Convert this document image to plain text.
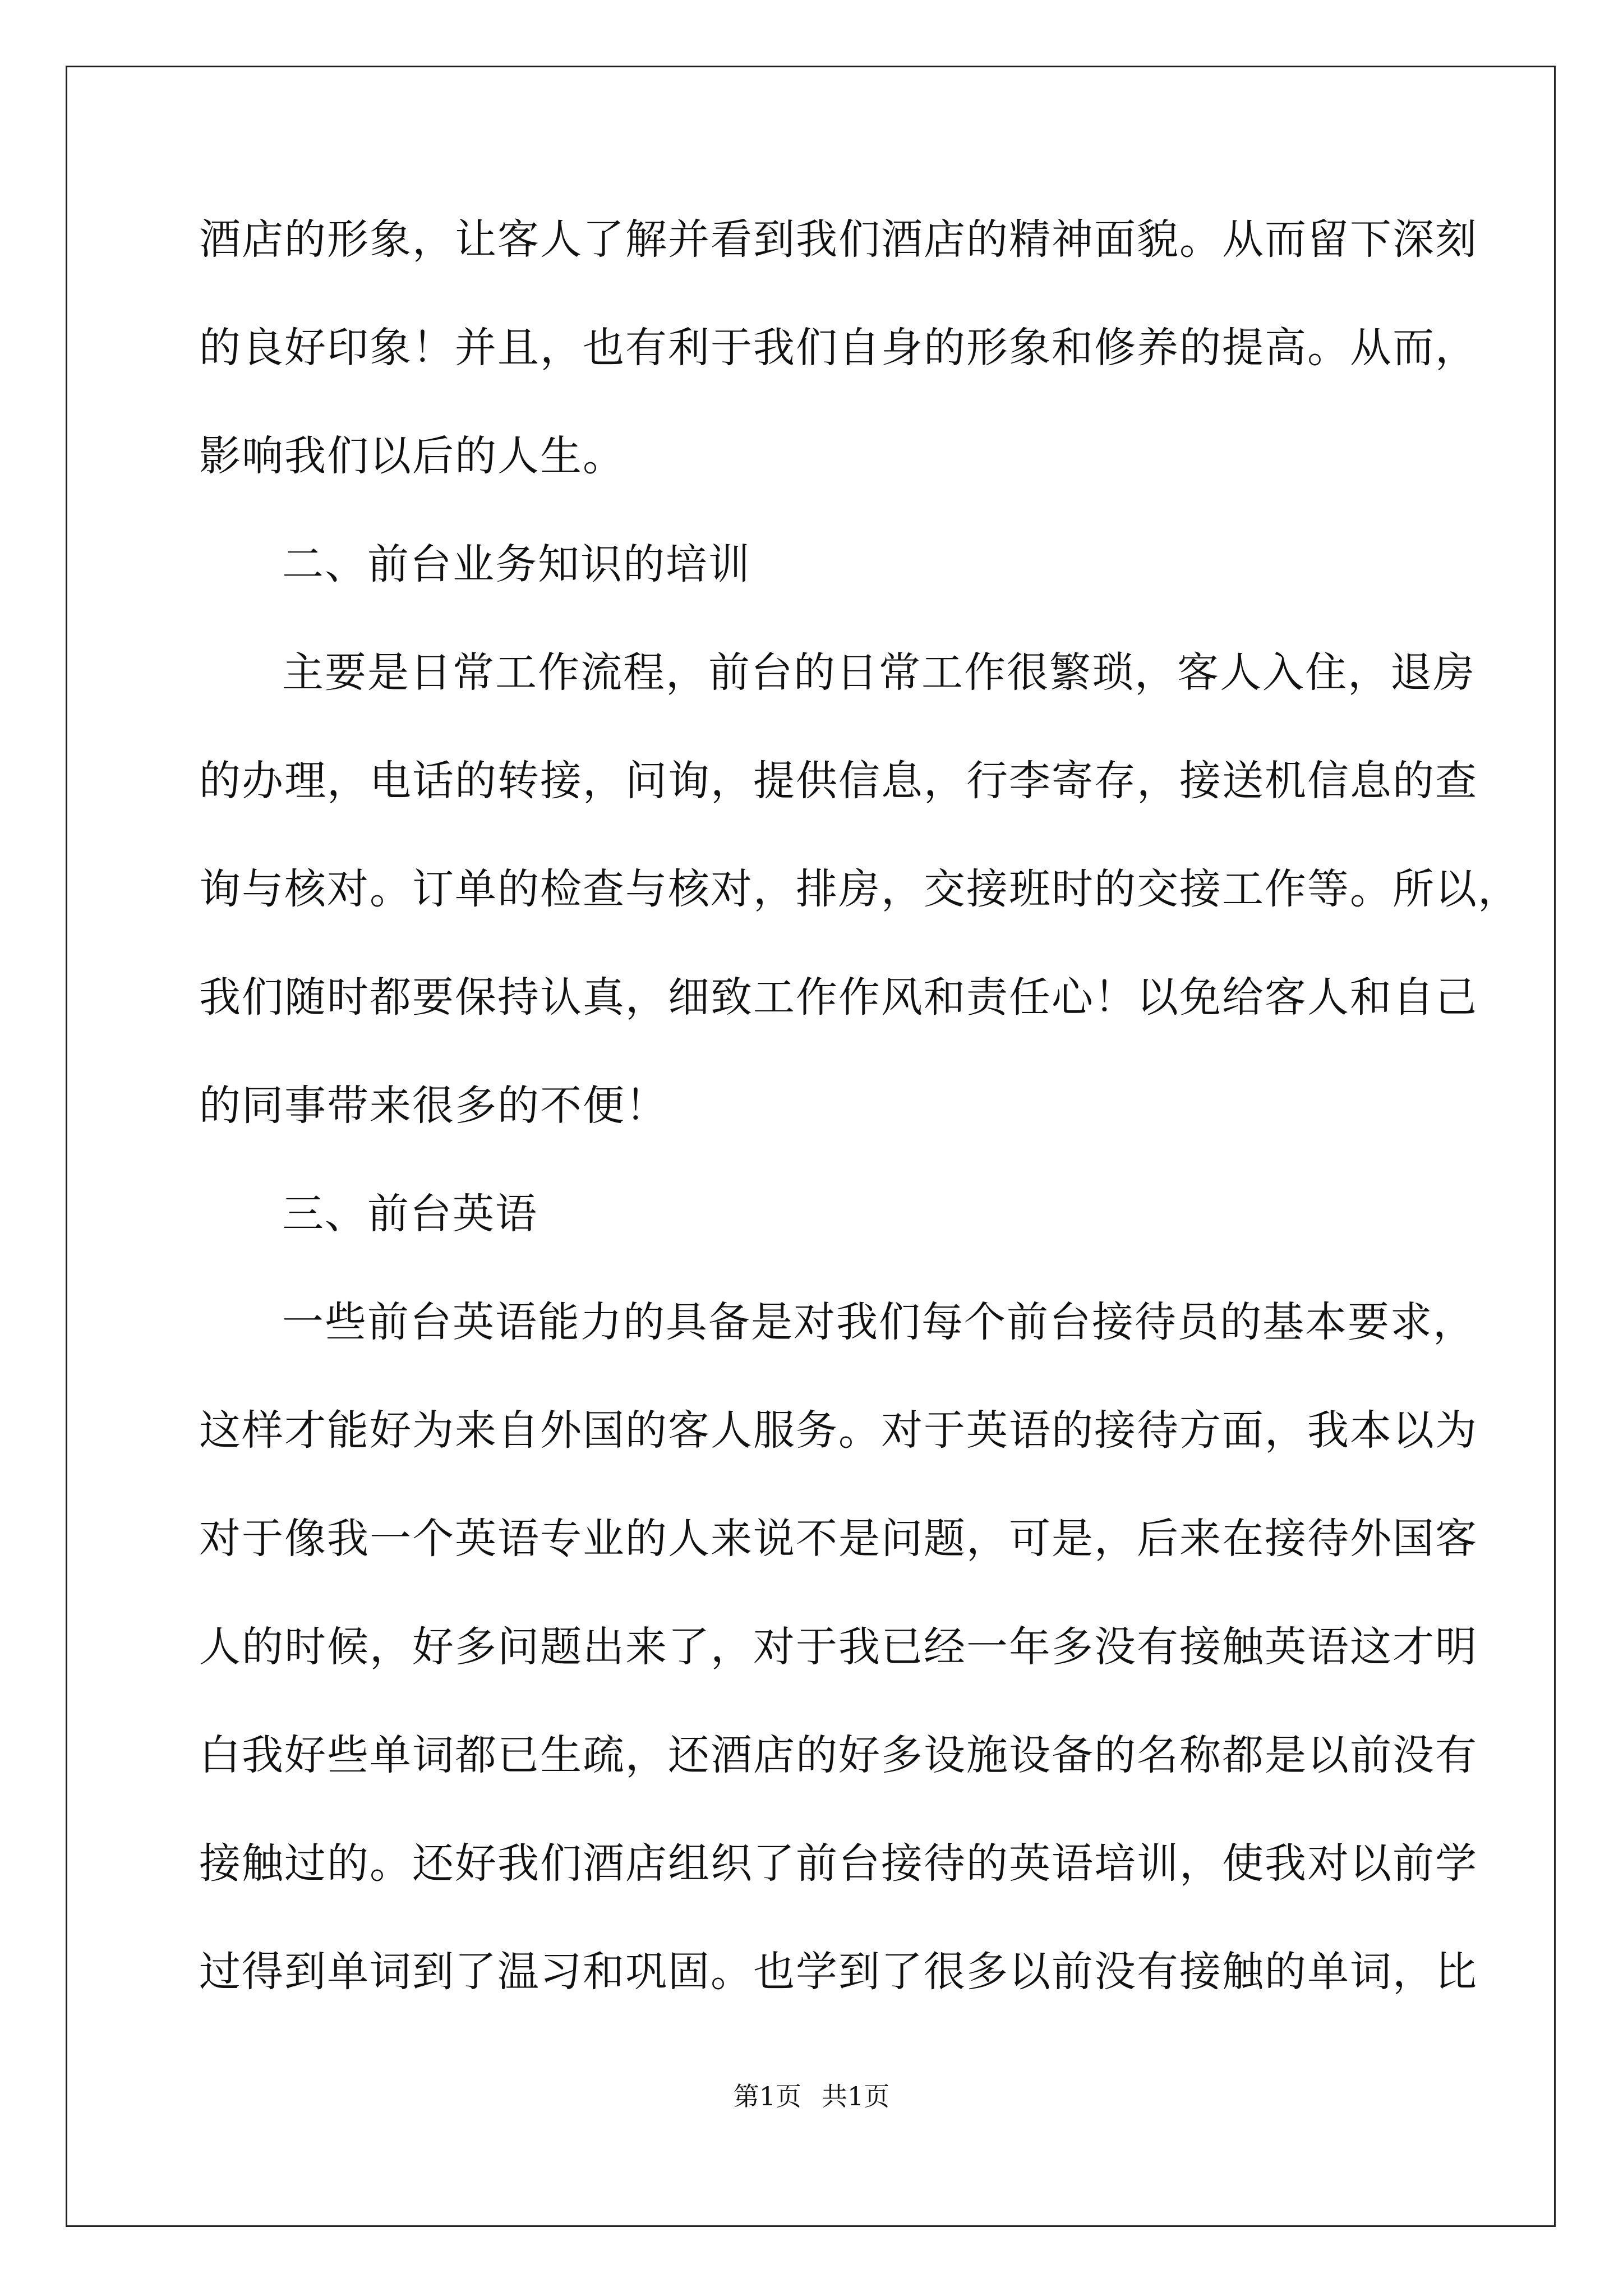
酒店的形象，让客人了解并看到我们酒店的精神面貌。从而留下深刻
的良好印象！并且，也有利于我们自身的形象和修养的提高。从而，
影响我们以后的人生。
二、前台业务知识的培训
主要是日常工作流程，前台的日常工作很繁琐，客人入住，退房
的办理，电话的转接，问询，提供信息，行李寄存，接送机信息的查
询与核对。订单的检查与核对，排房，交接班时的交接工作等。所以，
我们随时都要保持认真，细致工作作风和责任心！以免给客人和自己
的同事带来很多的不便！
三、前台英语
一些前台英语能力的具备是对我们每个前台接待员的基本要求，
这样才能好为来自外国的客人服务。对于英语的接待方面，我本以为
对于像我一个英语专业的人来说不是问题，可是，后来在接待外国客
人的时候，好多问题出来了，对于我已经一年多没有接触英语这才明
白我好些单词都已生疏，还酒店的好多设施设备的名称都是以前没有
接触过的。还好我们酒店组织了前台接待的英语培训，使我对以前学
过得到单词到了温习和巩固。也学到了很多以前没有接触的单词，比
第1页 共1页
